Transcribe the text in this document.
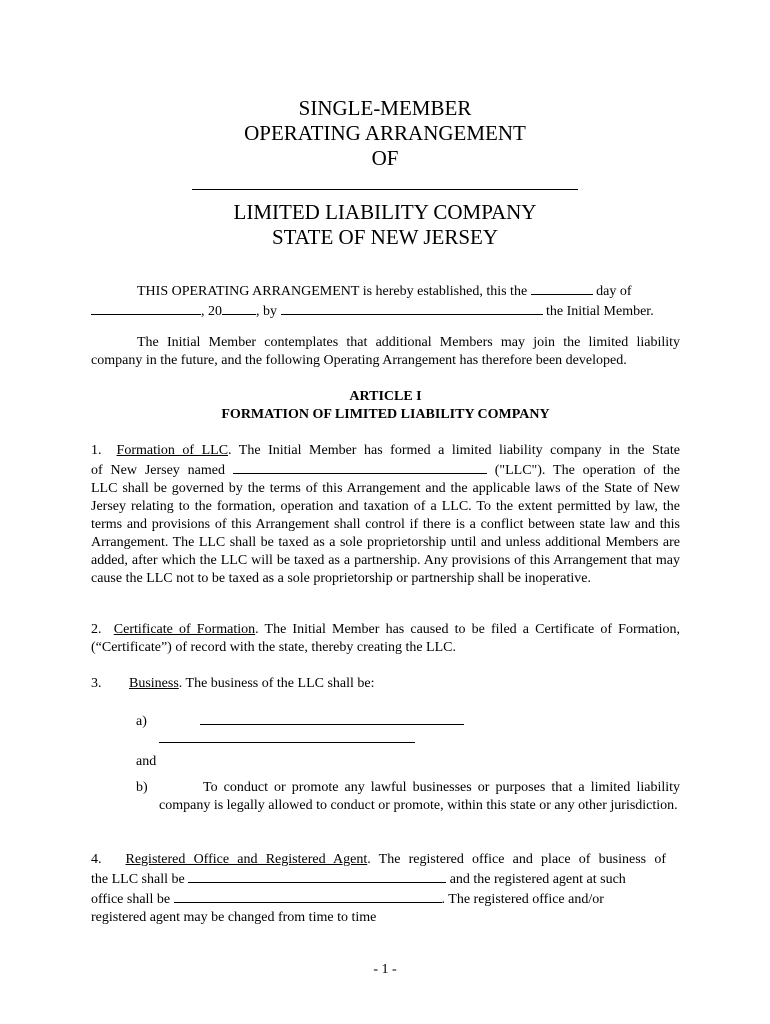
SINGLE-MEMBER
OPERATING ARRANGEMENT
OF
LIMITED LIABILITY COMPANY
STATE OF NEW JERSEY
THIS OPERATING ARRANGEMENT is hereby established, this the	day of
, 20 , by	the Initial Member.

The Initial Member contemplates that additional Members may join the limited liability company in the future, and the following Operating Arrangement has therefore been developed.

ARTICLE I
FORMATION OF LIMITED LIABILITY COMPANY
1. Formation of LLC. The Initial Member has formed a limited liability company in the State
of New Jersey named	("LLC"). The operation of the
LLC shall be governed by the terms of this Arrangement and the applicable laws of the State of New Jersey relating to the formation, operation and taxation of a LLC. To the extent permitted by law, the terms and provisions of this Arrangement shall control if there is a conflict between state law and this Arrangement. The LLC shall be taxed as a sole proprietorship until and unless additional Members are added, after which the LLC will be taxed as a partnership. Any provisions of this Arrangement that may cause the LLC not to be taxed as a sole proprietorship or partnership shall be inoperative.
2. Certificate of Formation. The Initial Member has caused to be filed a Certificate of Formation, (“Certificate”) of record with the state, thereby creating the LLC.
3. Business. The business of the LLC shall be:
a)
and
b)	To conduct or promote any lawful businesses or purposes that a limited liability company is legally allowed to conduct or promote, within this state or any other jurisdiction.
4. Registered Office and Registered Agent. The registered office and place of business of
the LLC shall be	and the registered agent at such
office shall be	. The registered office and/or
registered agent may be changed from time to time
- 1 -
